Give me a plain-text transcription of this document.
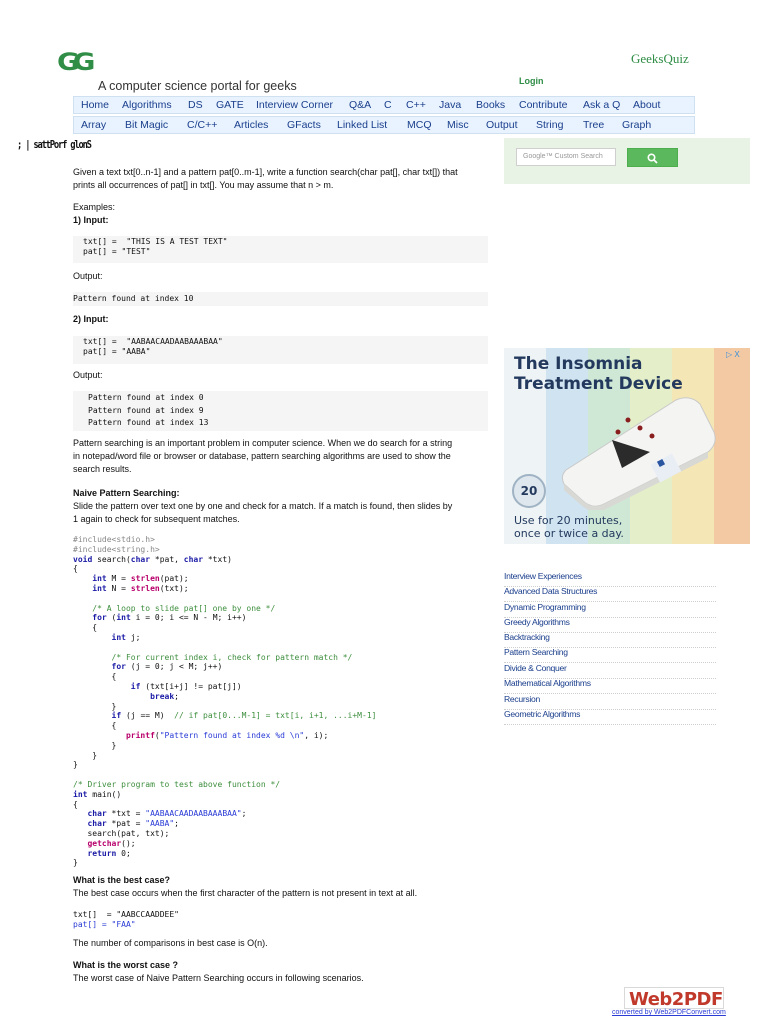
GG
A computer science portal for geeks
GeeksQuiz
Login
Home Algorithms DS GATE Interview Corner Q&A C C++ Java Books Contribute Ask a Q About
Array Bit Magic C/C++ Articles GFacts Linked List MCQ Misc Output String Tree Graph
; | sattPorf glonS
Google™ Custom Search
Given a text txt[0..n-1] and a pattern pat[0..m-1], write a function search(char pat[], char txt[]) that
prints all occurrences of pat[] in txt[]. You may assume that n > m.
Examples:
1) Input:
txt[] =  "THIS IS A TEST TEXT"
pat[] = "TEST"
Output:
Pattern found at index 10
2) Input:
txt[] =  "AABAACAADAABAAABAA"
pat[] = "AABA"
Output:
Pattern found at index 0
Pattern found at index 9
Pattern found at index 13
Pattern searching is an important problem in computer science. When we do search for a string
in notepad/word file or browser or database, pattern searching algorithms are used to show the
search results.
Naive Pattern Searching:
Slide the pattern over text one by one and check for a match. If a match is found, then slides by
1 again to check for subsequent matches.
#include<stdio.h>
#include<string.h>
void search(char *pat, char *txt)
{
int M = strlen(pat);
int N = strlen(txt);

/* A loop to slide pat[] one by one */
for (int i = 0; i <= N - M; i++)
{
int j;

/* For current index i, check for pattern match */
for (j = 0; j < M; j++)
{
if (txt[i+j] != pat[j])
break;
}
if (j == M)  // if pat[0...M-1] = txt[i, i+1, ...i+M-1]
{
printf("Pattern found at index %d \n", i);
}
}
}

/* Driver program to test above function */
int main()
{
char *txt = "AABAACAADAABAAABAA";
char *pat = "AABA";
search(pat, txt);
getchar();
return 0;
}
What is the best case?
The best case occurs when the first character of the pattern is not present in text at all.
txt[]  = "AABCCAADDEE"
pat[] = "FAA"
The number of comparisons in best case is O(n).
What is the worst case ?
The worst case of Naive Pattern Searching occurs in following scenarios.
The Insomnia
Treatment Device
20
Use for 20 minutes,
once or twice a day.
▷ X
Interview Experiences
Advanced Data Structures
Dynamic Programming
Greedy Algorithms
Backtracking
Pattern Searching
Divide & Conquer
Mathematical Algorithms
Recursion
Geometric Algorithms
Web2PDF
converted by Web2PDFConvert.com
